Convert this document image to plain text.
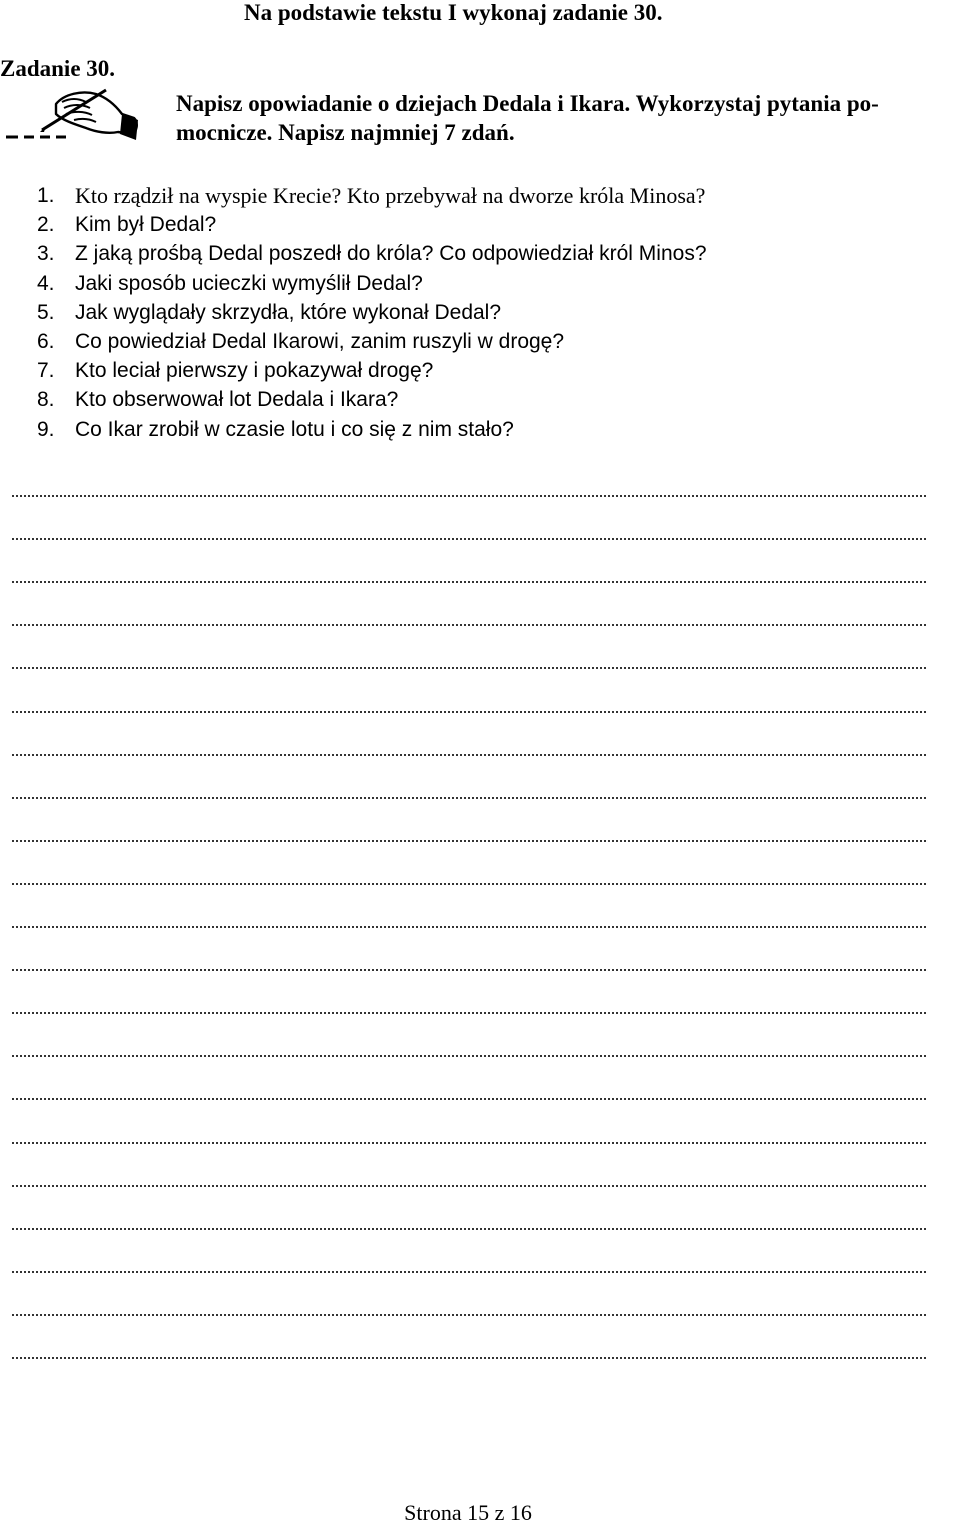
Na podstawie tekstu I wykonaj zadanie 30.
Zadanie 30.
Napisz opowiadanie o dziejach Dedala i Ikara. Wykorzystaj pytania po-
mocnicze. Napisz najmniej 7 zdań.
1. Kto rządził na wyspie Krecie? Kto przebywał na dworze króla Minosa?
2. Kim był Dedal?
3. Z jaką prośbą Dedal poszedł do króla? Co odpowiedział król Minos?
4. Jaki sposób ucieczki wymyślił Dedal?
5. Jak wyglądały skrzydła, które wykonał Dedal?
6. Co powiedział Dedal Ikarowi, zanim ruszyli w drogę?
7. Kto leciał pierwszy i pokazywał drogę?
8. Kto obserwował lot Dedala i Ikara?
9. Co Ikar zrobił w czasie lotu i co się z nim stało?
Strona 15 z 16
